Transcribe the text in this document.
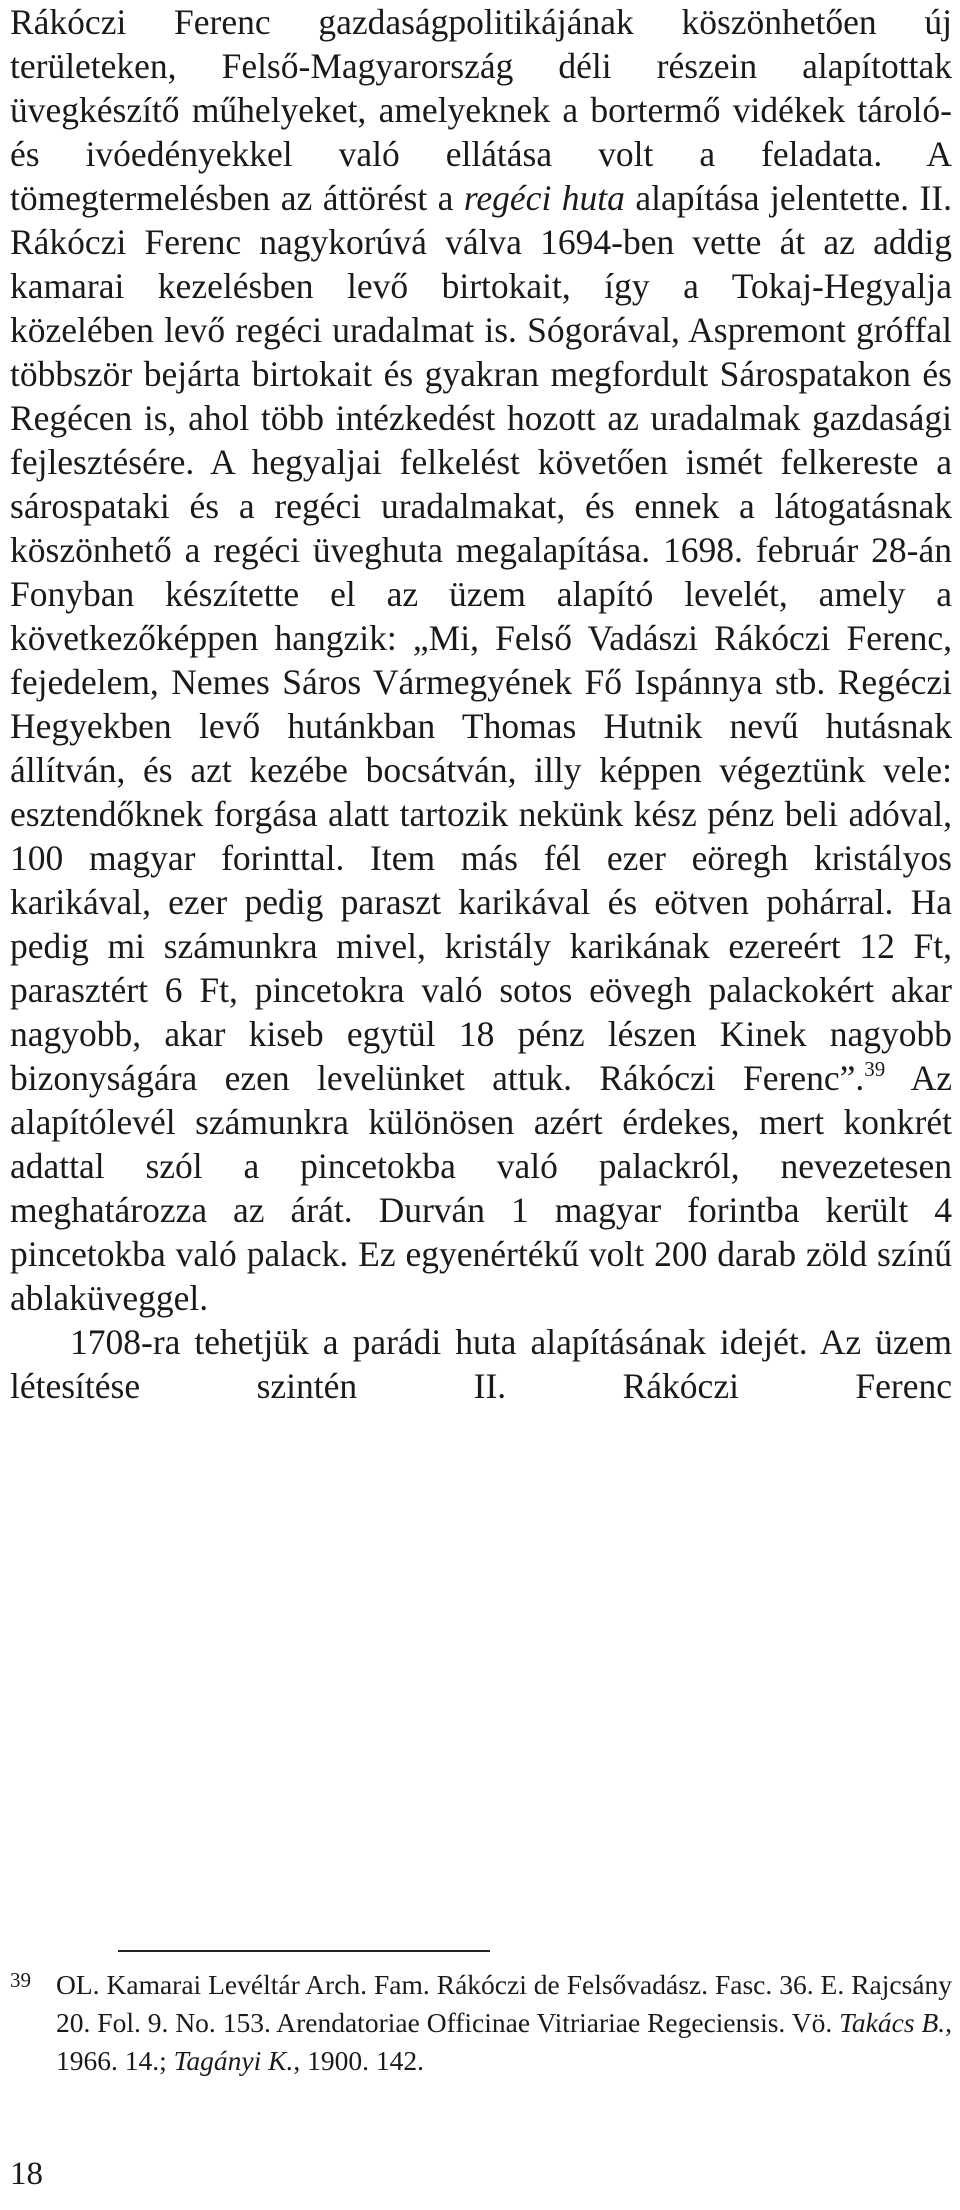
Rákóczi Ferenc gazdaságpolitikájának köszönhetően új területeken, Felső-Magyarország déli részein alapítottak üvegkészítő műhelyeket, amelyeknek a bortermő vidékek tároló- és ivóedényekkel való ellátása volt a feladata. A tömegtermelésben az áttörést a regéci huta alapítása jelentette. II. Rákóczi Ferenc nagykorúvá válva 1694-ben vette át az addig kamarai kezelésben levő birtokait, így a Tokaj-Hegyalja közelében levő regéci uradalmat is. Sógorával, Aspremont gróffal többször bejárta birtokait és gyakran megfordult Sárospatakon és Regécen is, ahol több intézkedést hozott az uradalmak gazdasági fejlesztésére. A hegyaljai felkelést követően ismét felkereste a sárospataki és a regéci uradalmakat, és ennek a látogatásnak köszönhető a regéci üveghuta megalapítása. 1698. február 28-án Fonyban készítette el az üzem alapító levelét, amely a következőképpen hangzik: „Mi, Felső Vadászi Rákóczi Ferenc, fejedelem, Nemes Sáros Vármegyének Fő Ispánnya stb. Regéczi Hegyekben levő hutánkban Thomas Hutnik nevű hutásnak állítván, és azt kezébe bocsátván, illy képpen végeztünk vele: esztendőknek forgása alatt tartozik nekünk kész pénz beli adóval, 100 magyar forinttal. Item más fél ezer eöregh kristályos karikával, ezer pedig paraszt karikával és eötven pohárral. Ha pedig mi számunkra mivel, kristály karikának ezereért 12 Ft, parasztért 6 Ft, pincetokra való sotos eövegh palackokért akar nagyobb, akar kiseb egytül 18 pénz lészen Kinek nagyobb bizonyságára ezen levelünket attuk. Rákóczi Ferenc”.$^{39}$ Az alapítólevél számunkra különösen azért érdekes, mert konkrét adattal szól a pincetokba való palackról, nevezetesen meghatározza az árát. Durván 1 magyar forintba került 4 pincetokba való palack. Ez egyenértékű volt 200 darab zöld színű ablaküveggel.

1708-ra tehetjük a parádi huta alapításának idejét. Az üzem létesítése szintén II. Rákóczi Ferenc

39 OL. Kamarai Levéltár Arch. Fam. Rákóczi de Felsővadász. Fasc. 36. E. Rajcsány 20. Fol. 9. No. 153. Arendatoriae Officinae Vitriariae Regeciensis. Vö. Takács B., 1966. 14.; Tagányi K., 1900. 142.

18
